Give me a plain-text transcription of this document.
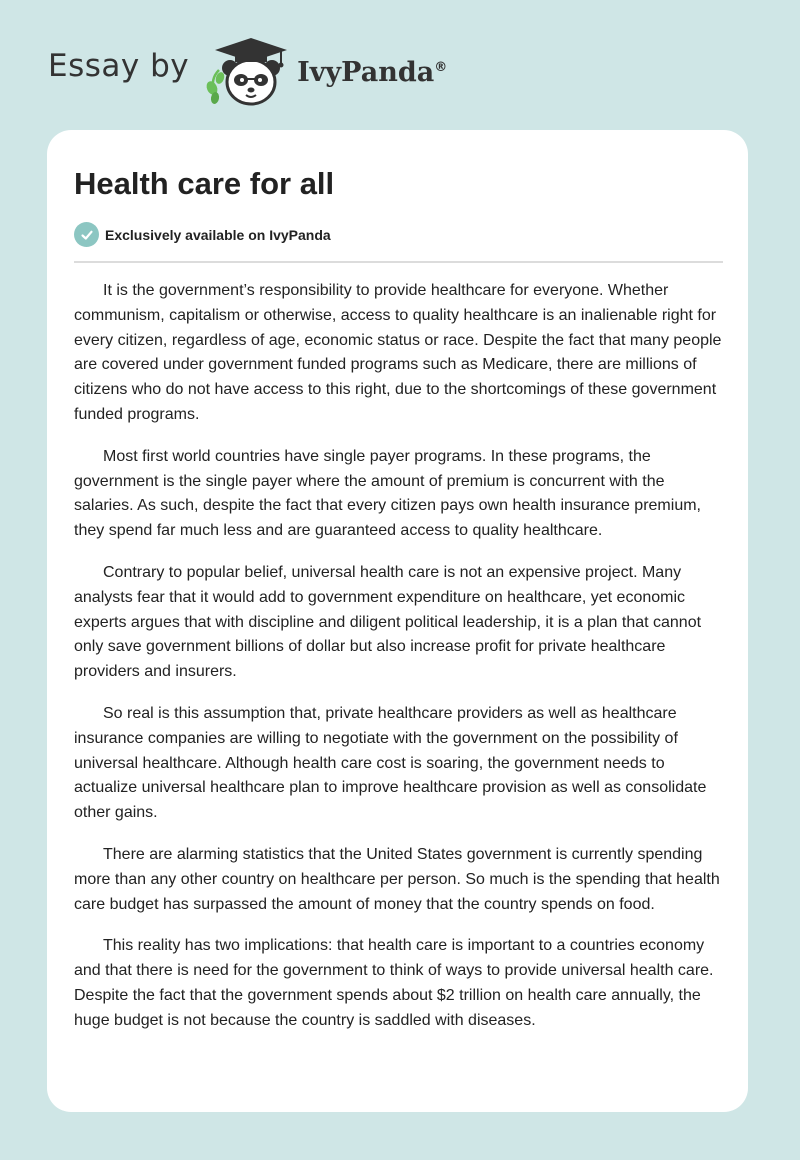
Essay by	IvyPanda®
Health care for all
Exclusively available on IvyPanda

It is the government’s responsibility to provide healthcare for everyone. Whether communism, capitalism or otherwise, access to quality healthcare is an inalienable right for every citizen, regardless of age, economic status or race. Despite the fact that many people are covered under government funded programs such as Medicare, there are millions of citizens who do not have access to this right, due to the shortcomings of these government funded programs.

Most first world countries have single payer programs. In these programs, the government is the single payer where the amount of premium is concurrent with the salaries. As such, despite the fact that every citizen pays own health insurance premium, they spend far much less and are guaranteed access to quality healthcare.

Contrary to popular belief, universal health care is not an expensive project. Many analysts fear that it would add to government expenditure on healthcare, yet economic experts argues that with discipline and diligent political leadership, it is a plan that cannot only save government billions of dollar but also increase profit for private healthcare providers and insurers.

So real is this assumption that, private healthcare providers as well as healthcare insurance companies are willing to negotiate with the government on the possibility of universal healthcare. Although health care cost is soaring, the government needs to actualize universal healthcare plan to improve healthcare provision as well as consolidate other gains.

There are alarming statistics that the United States government is currently spending more than any other country on healthcare per person. So much is the spending that health care budget has surpassed the amount of money that the country spends on food.

This reality has two implications: that health care is important to a countries economy and that there is need for the government to think of ways to provide universal health care. Despite the fact that the government spends about $2 trillion on health care annually, the huge budget is not because the country is saddled with diseases.
